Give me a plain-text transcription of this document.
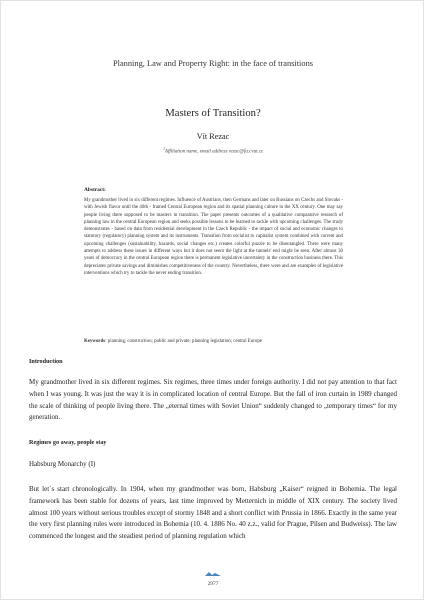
Planning, Law and Property Right: in the face of transitions
Masters of Transition?
Vít Rezac
$^1$Affiliation name, email address rezac@fa.cvut.cz
Abstract:
My grandmother lived in six different regimes. Influence of Austrians, then Germans and later on Russians on Czechs and Slovaks - with Jewish flavor until the 40th - framed Central European region and its spatial planning culture in the XX century. One may say people living there supposed to be masters in transition. The paper presents outcomes of a qualitative comparative research of planning law in the central European region and seeks possible lessons to be learned to tackle with upcoming challenges. The study demonstrates - based on data from residential development in the Czech Republic - the impact of social and economic changes to statutory (regulatory) planning system and its instruments. Transition from socialist to capitalist system combined with current and upcoming challenges (sustainability, hazards, social changes etc.) creates colorful puzzle to be disentangled. There were many attempts to address these issues in different ways but it does not seem the light at the tunnels' end might be seen. After almost 30 years of democracy in the central European region there is permanent legislative uncertainty in the construction business there. This depreciates private savings and diminishes competitiveness of the country. Nevertheless, there were and are examples of legislative interventions which try to tackle the never ending transition.
Keywords: planning, construction; public and private; planning legislation; central Europe
Introduction
My grandmother lived in six different regimes. Six regimes, three times under foreign authority. I did not pay attention to that fact when I was young. It was just the way it is in complicated location of central Europe. But the fall of iron curtain in 1989 changed the scale of thinking of people living there. The „eternal times with Soviet Union“ suddenly changed to „temporary times“ for my generation.
Regimes go away, people stay
Habsburg Monarchy (I)
But let´s start chronologically. In 1904, when my grandmother was born, Habsburg „Kaiser“ reigned in Bohemia. The legal framework has been stable for dozens of years, last time improved by Metternich in middle of XIX century. The society lived almost 100 years without serious troubles except of stormy 1848 and a short conflict with Prussia in 1866. Exactly in the same year the very first planning rules were introduced in Bohemia (10. 4. 1886 No. 40 z.z., valid for Prague, Pilsen and Budweiss). The law commenced the longest and the steadiest period of planning regulation which
2977
